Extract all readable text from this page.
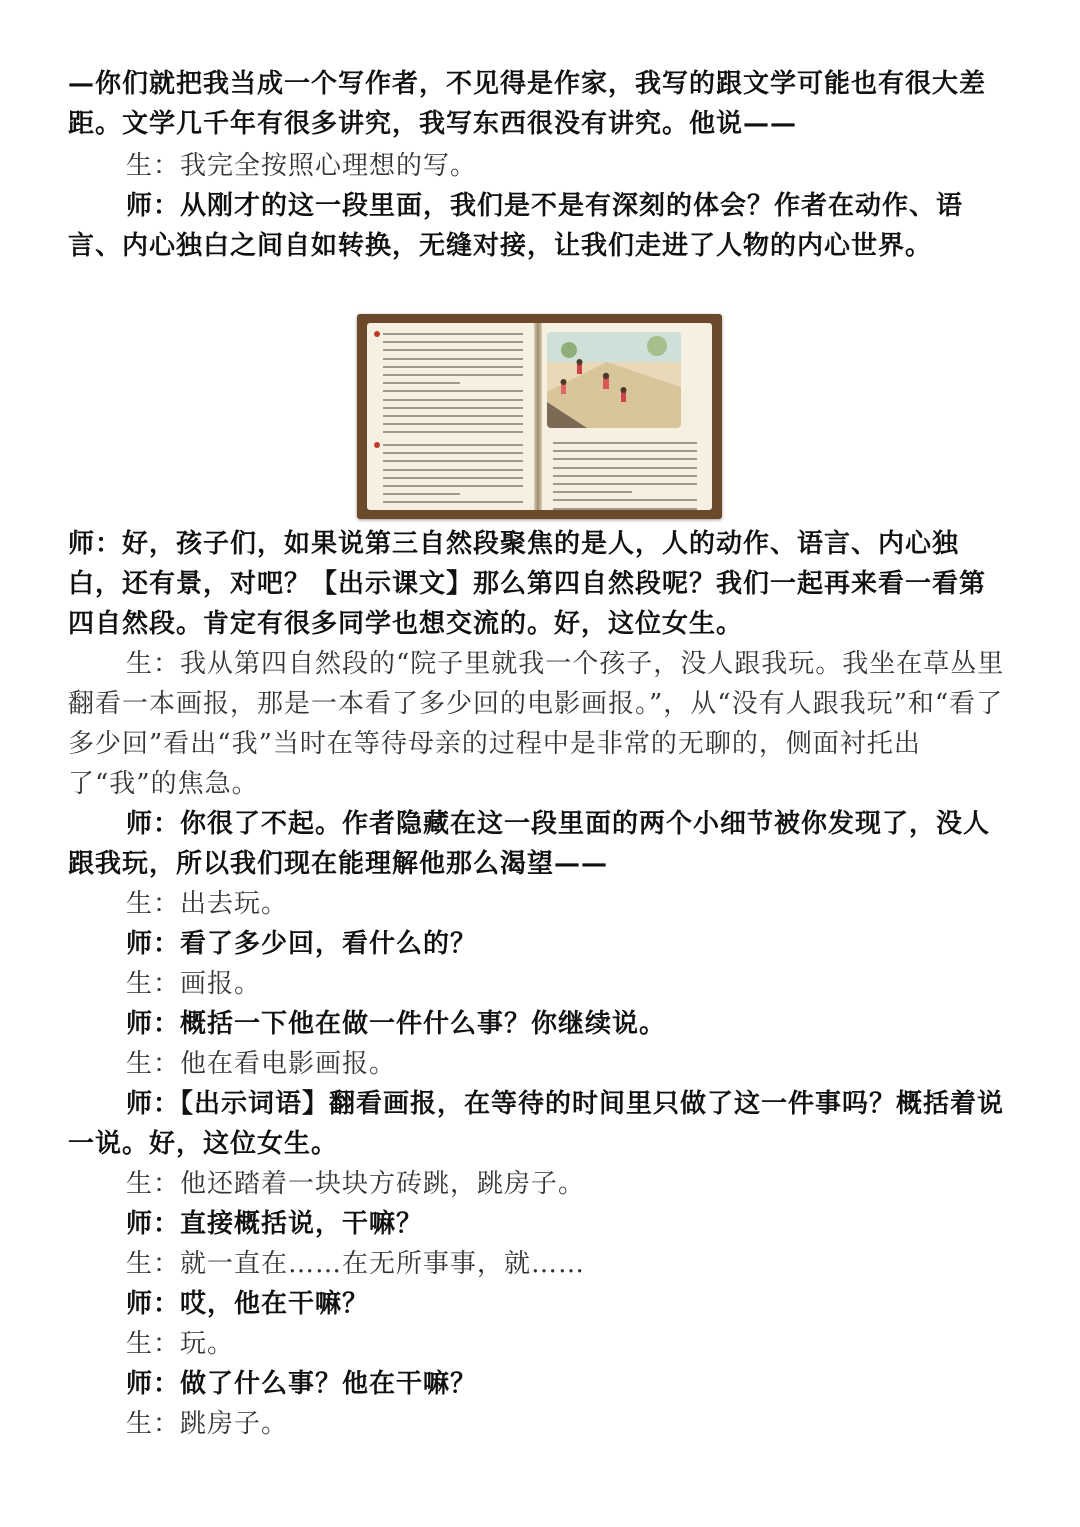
—你们就把我当成一个写作者，不见得是作家，我写的跟文学可能也有很大差距。文学几千年有很多讲究，我写东西很没有讲究。他说——
生：我完全按照心理想的写。
师：从刚才的这一段里面，我们是不是有深刻的体会？作者在动作、语言、内心独白之间自如转换，无缝对接，让我们走进了人物的内心世界。
师：好，孩子们，如果说第三自然段聚焦的是人，人的动作、语言、内心独白，还有景，对吧？【出示课文】那么第四自然段呢？我们一起再来看一看第四自然段。肯定有很多同学也想交流的。好，这位女生。
生：我从第四自然段的“院子里就我一个孩子，没人跟我玩。我坐在草丛里翻看一本画报，那是一本看了多少回的电影画报。”，从“没有人跟我玩”和“看了多少回”看出“我”当时在等待母亲的过程中是非常的无聊的，侧面衬托出了“我”的焦急。
师：你很了不起。作者隐藏在这一段里面的两个小细节被你发现了，没人跟我玩，所以我们现在能理解他那么渴望——
生：出去玩。
师：看了多少回，看什么的？
生：画报。
师：概括一下他在做一件什么事？你继续说。
生：他在看电影画报。
师：【出示词语】翻看画报，在等待的时间里只做了这一件事吗？概括着说一说。好，这位女生。
生：他还踏着一块块方砖跳，跳房子。
师：直接概括说，干嘛？
生：就一直在……在无所事事，就……
师：哎，他在干嘛？
生：玩。
师：做了什么事？他在干嘛？
生：跳房子。
